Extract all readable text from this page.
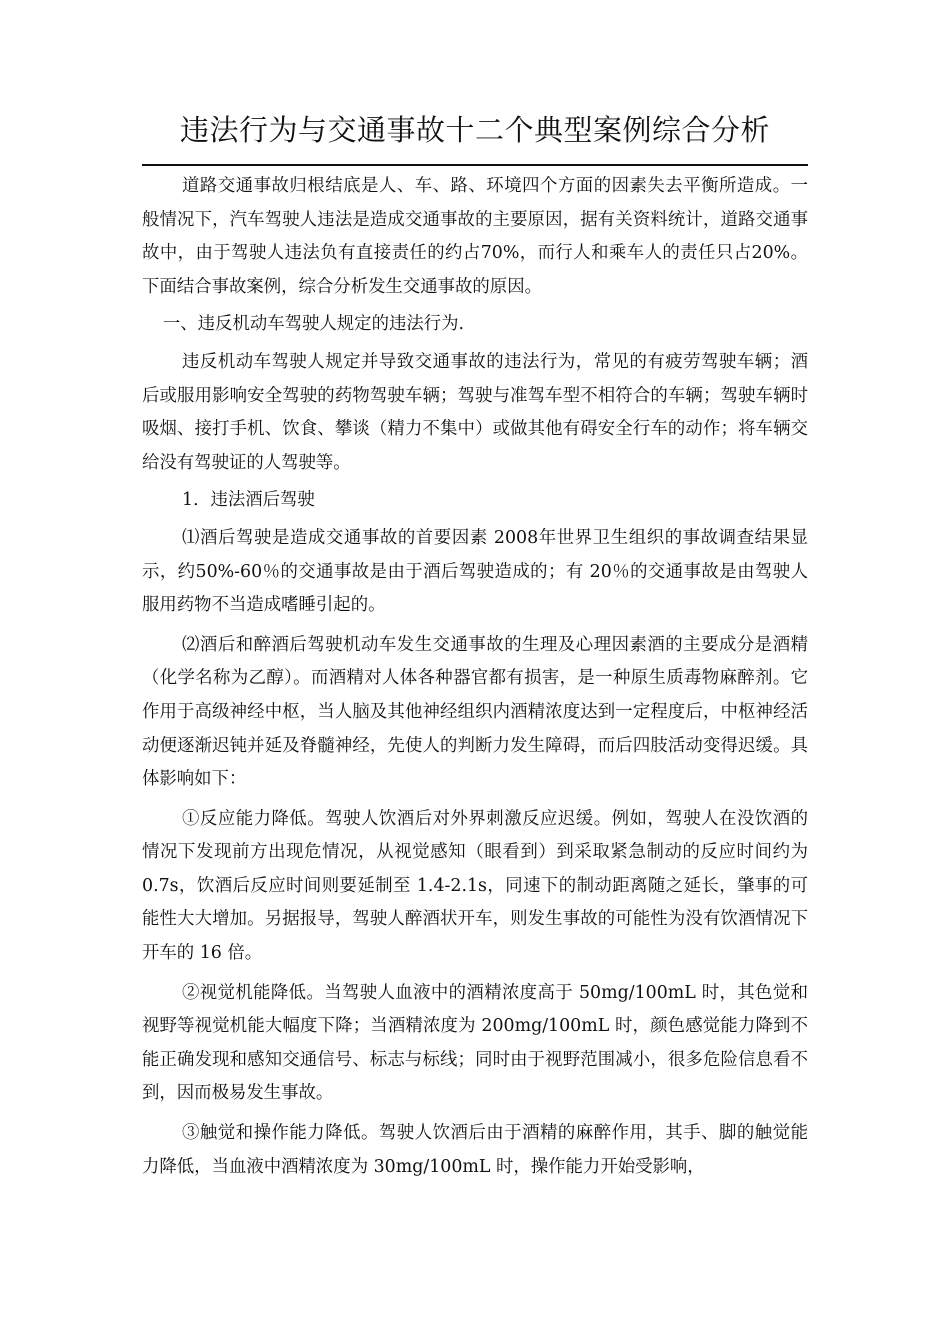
违法行为与交通事故十二个典型案例综合分析

道路交通事故归根结底是人、车、路、环境四个方面的因素失去平衡所造成。一般情况下，汽车驾驶人违法是造成交通事故的主要原因，据有关资料统计，道路交通事故中，由于驾驶人违法负有直接责任的约占70%，而行人和乘车人的责任只占20%。下面结合事故案例，综合分析发生交通事故的原因。

一、违反机动车驾驶人规定的违法行为.

违反机动车驾驶人规定并导致交通事故的违法行为，常见的有疲劳驾驶车辆；酒后或服用影响安全驾驶的药物驾驶车辆；驾驶与准驾车型不相符合的车辆；驾驶车辆时吸烟、接打手机、饮食、攀谈（精力不集中）或做其他有碍安全行车的动作；将车辆交给没有驾驶证的人驾驶等。

1．违法酒后驾驶

⑴酒后驾驶是造成交通事故的首要因素 2008年世界卫生组织的事故调查结果显示，约50%-60％的交通事故是由于酒后驾驶造成的；有 20％的交通事故是由驾驶人服用药物不当造成嗜睡引起的。

⑵酒后和醉酒后驾驶机动车发生交通事故的生理及心理因素酒的主要成分是酒精（化学名称为乙醇）。而酒精对人体各种器官都有损害，是一种原生质毒物麻醉剂。它作用于高级神经中枢，当人脑及其他神经组织内酒精浓度达到一定程度后，中枢神经活动便逐渐迟钝并延及脊髓神经，先使人的判断力发生障碍，而后四肢活动变得迟缓。具体影响如下：

①反应能力降低。驾驶人饮酒后对外界刺激反应迟缓。例如，驾驶人在没饮酒的情况下发现前方出现危情况，从视觉感知（眼看到）到采取紧急制动的反应时间约为 0.7s，饮酒后反应时间则要延制至 1.4-2.1s，同速下的制动距离随之延长，肇事的可能性大大增加。另据报导，驾驶人醉酒状开车，则发生事故的可能性为没有饮酒情况下开车的 16 倍。

②视觉机能降低。当驾驶人血液中的酒精浓度高于 50mg/100mL 时，其色觉和视野等视觉机能大幅度下降；当酒精浓度为 200mg/100mL 时，颜色感觉能力降到不能正确发现和感知交通信号、标志与标线；同时由于视野范围减小，很多危险信息看不到，因而极易发生事故。

③触觉和操作能力降低。驾驶人饮酒后由于酒精的麻醉作用，其手、脚的触觉能力降低，当血液中酒精浓度为 30mg/100mL 时，操作能力开始受影响，
